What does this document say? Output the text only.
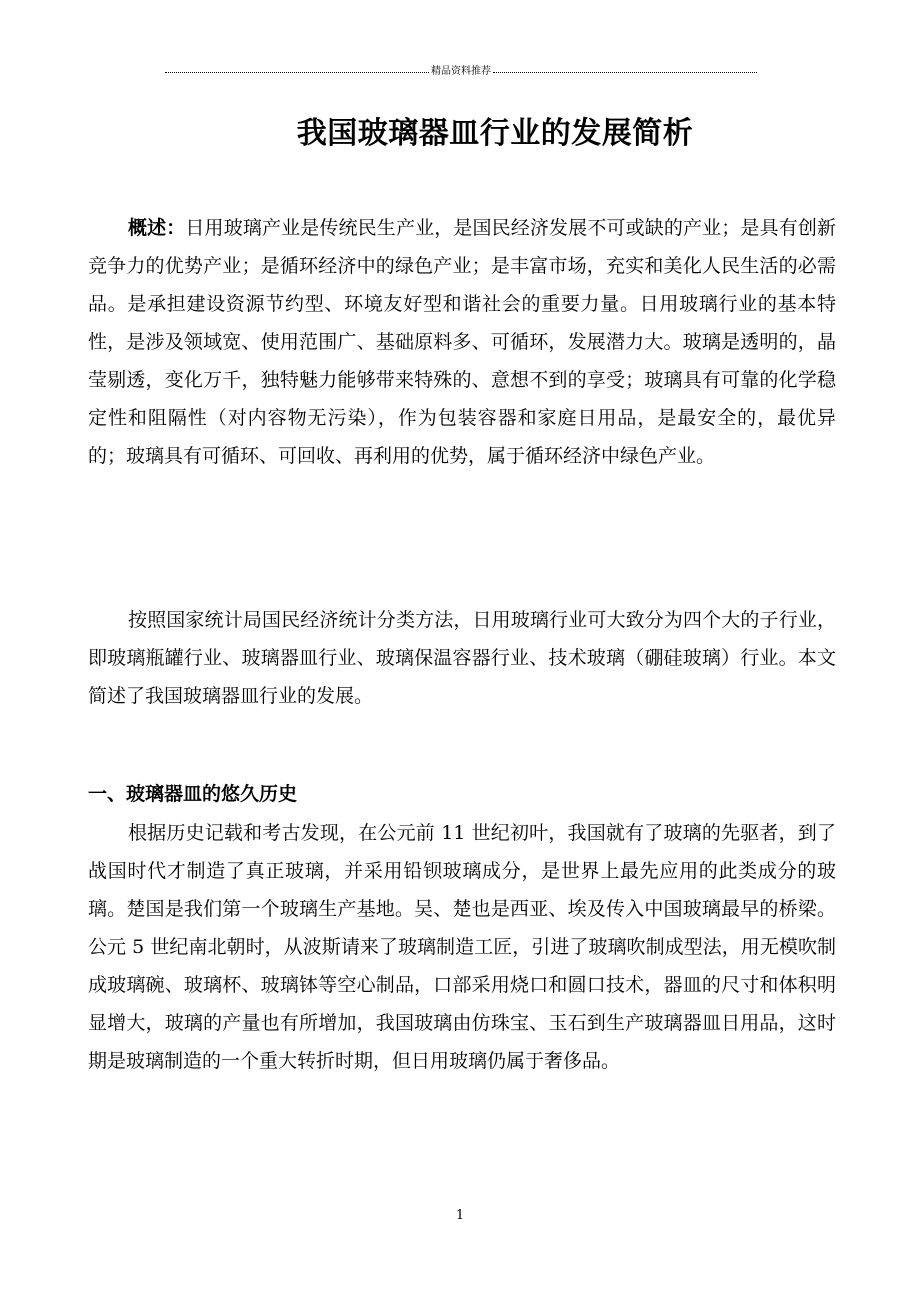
精品资料推荐
我国玻璃器皿行业的发展简析

概述：日用玻璃产业是传统民生产业，是国民经济发展不可或缺的产业；是具有创新竞争力的优势产业；是循环经济中的绿色产业；是丰富市场，充实和美化人民生活的必需品。是承担建设资源节约型、环境友好型和谐社会的重要力量。日用玻璃行业的基本特性，是涉及领域宽、使用范围广、基础原料多、可循环，发展潜力大。玻璃是透明的，晶莹剔透，变化万千，独特魅力能够带来特殊的、意想不到的享受；玻璃具有可靠的化学稳定性和阻隔性（对内容物无污染），作为包装容器和家庭日用品，是最安全的，最优异的；玻璃具有可循环、可回收、再利用的优势，属于循环经济中绿色产业。

按照国家统计局国民经济统计分类方法，日用玻璃行业可大致分为四个大的子行业，即玻璃瓶罐行业、玻璃器皿行业、玻璃保温容器行业、技术玻璃（硼硅玻璃）行业。本文简述了我国玻璃器皿行业的发展。

一、玻璃器皿的悠久历史

根据历史记载和考古发现，在公元前 11 世纪初叶，我国就有了玻璃的先驱者，到了战国时代才制造了真正玻璃，并采用铅钡玻璃成分，是世界上最先应用的此类成分的玻璃。楚国是我们第一个玻璃生产基地。吴、楚也是西亚、埃及传入中国玻璃最早的桥梁。公元 5 世纪南北朝时，从波斯请来了玻璃制造工匠，引进了玻璃吹制成型法，用无模吹制成玻璃碗、玻璃杯、玻璃钵等空心制品，口部采用烧口和圆口技术，器皿的尺寸和体积明显增大，玻璃的产量也有所增加，我国玻璃由仿珠宝、玉石到生产玻璃器皿日用品，这时期是玻璃制造的一个重大转折时期，但日用玻璃仍属于奢侈品。

1
